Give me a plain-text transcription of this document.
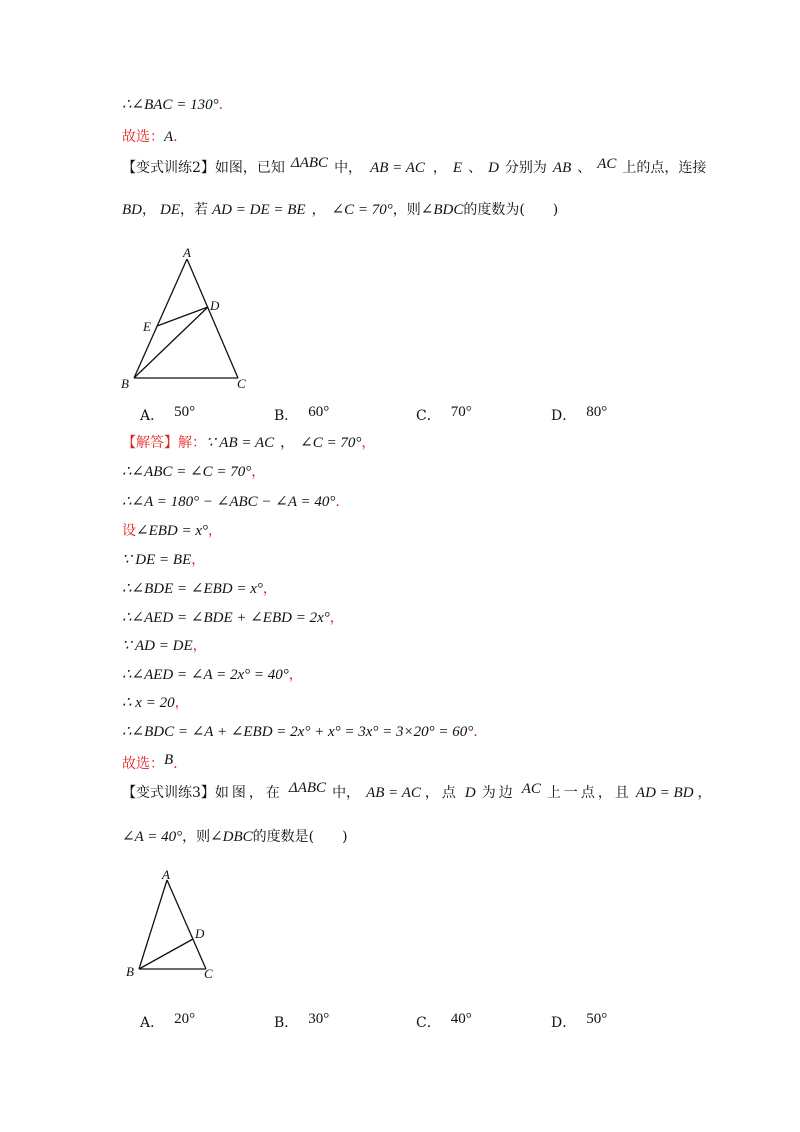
∴∠BAC = 130°.
故选：A.
【变式训练2】如图，已知 ΔABC 中， AB = AC ， E 、 D 分别为 AB 、 AC 上的点，连接
BD， DE，若 AD = DE = BE ， ∠C = 70°，则∠BDC的度数为(　　)
A
B	C
D
E
A． 50°	B． 60°	C． 70°	D． 80°
【解答】解：∵ AB = AC ， ∠C = 70°，
∴∠ABC = ∠C = 70°，
∴∠A = 180° − ∠ABC − ∠A = 40°.
设∠EBD = x°，
∵ DE = BE，
∴∠BDE = ∠EBD = x°，
∴∠AED = ∠BDE + ∠EBD = 2x°，
∵ AD = DE，
∴∠AED = ∠A = 2x° = 40°，
∴ x = 20，
∴∠BDC = ∠A + ∠EBD = 2x° + x° = 3x° = 3×20° = 60°.
故选：B.
【变式训练3】如图，在 ΔABC 中， AB = AC ，点 D 为边 AC 上一点，且 AD = BD ，
∠A = 40°，则∠DBC的度数是(　　)
A
B	C
D
A． 20°	B． 30°	C． 40°	D． 50°
